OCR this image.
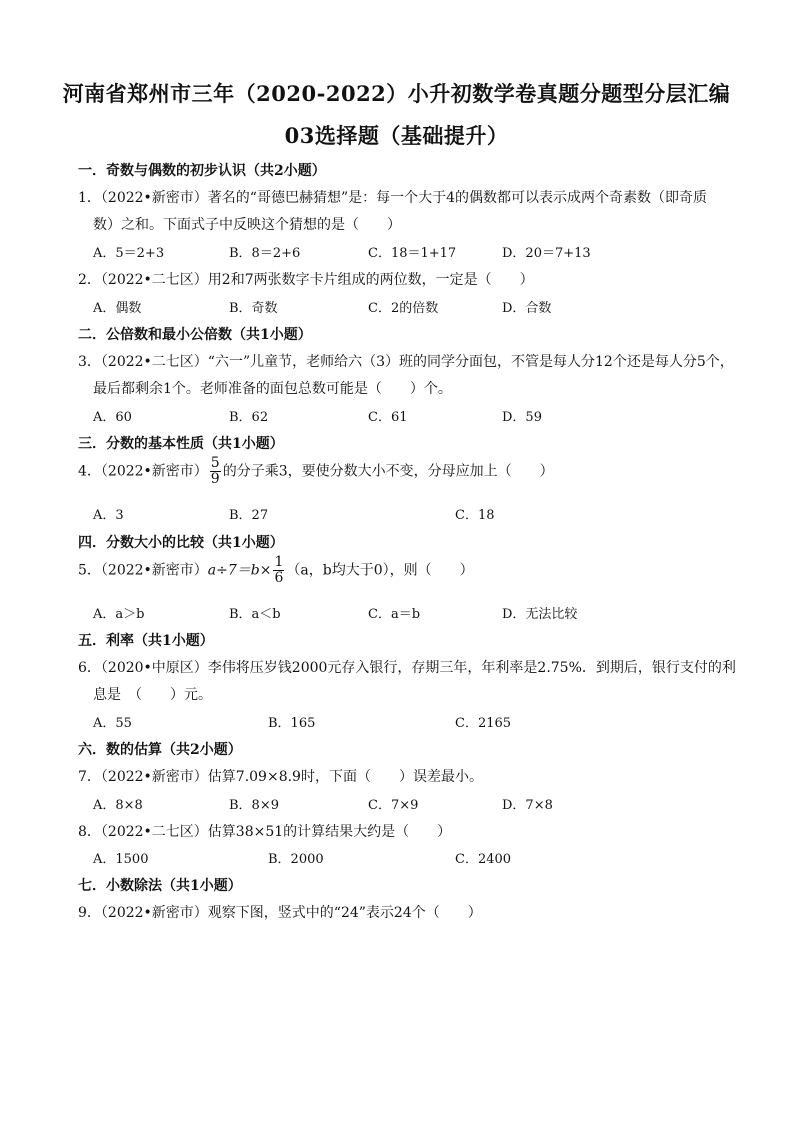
河南省郑州市三年（2020-2022）小升初数学卷真题分题型分层汇编
03选择题（基础提升）
一．奇数与偶数的初步认识（共2小题）
1．（2022•新密市）著名的“哥德巴赫猜想”是：每一个大于4的偶数都可以表示成两个奇素数（即奇质
数）之和。下面式子中反映这个猜想的是（　　）
A．5＝2+3	B．8＝2+6	C．18＝1+17	D．20＝7+13
2．（2022•二七区）用2和7两张数字卡片组成的两位数，一定是（　　）
A．偶数	B．奇数	C．2的倍数	D．合数
二．公倍数和最小公倍数（共1小题）
3．（2022•二七区）“六一”儿童节，老师给六（3）班的同学分面包，不管是每人分12个还是每人分5个，
最后都剩余1个。老师准备的面包总数可能是（　　）个。
A．60	B．62	C．61	D．59
三．分数的基本性质（共1小题）
4．（2022•新密市） $\frac{5}{9}$ 的分子乘3，要使分数大小不变，分母应加上（　　）
A．3	B．27	C．18
四．分数大小的比较（共1小题）
5．（2022•新密市）$a\div 7=b\times \frac{1}{6} (a$，b均大于0），则（　　）
A．a＞b	B．a＜b	C．a＝b	D．无法比较
五．利率（共1小题）
6．（2020•中原区）李伟将压岁钱2000元存入银行，存期三年，年利率是2.75%．到期后，银行支付的利
息是　（　　）元。
A．55	B．165	C．2165
六．数的估算（共2小题）
7．（2022•新密市）估算7.09×8.9时，下面（　　）误差最小。
A．8×8	B．8×9	C．7×9	D．7×8
8．（2022•二七区）估算38×51的计算结果大约是（　　）
A．1500	B．2000	C．2400
七．小数除法（共1小题）
9．（2022•新密市）观察下图，竖式中的“24”表示24个（　　）
